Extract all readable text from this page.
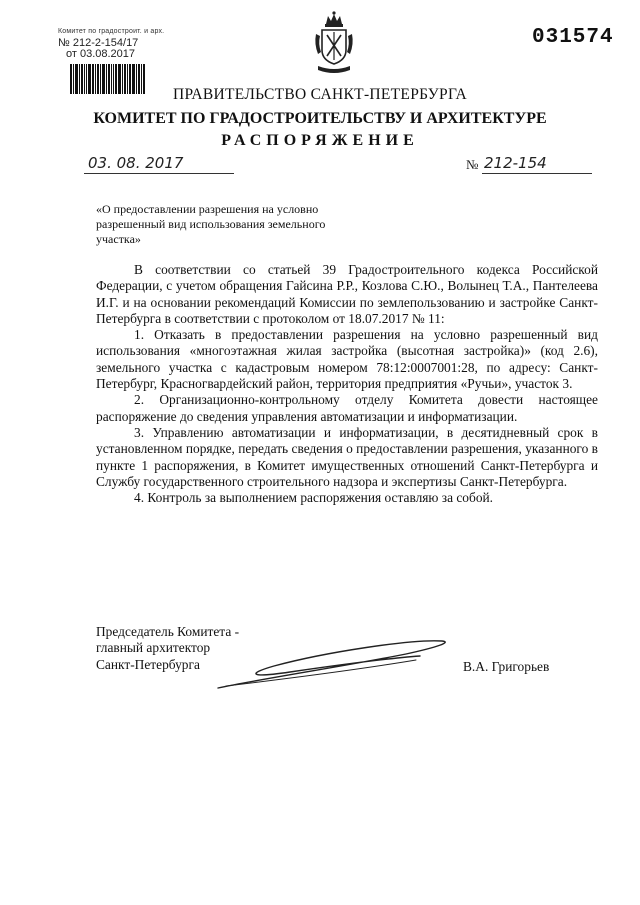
Комитет по градостроит. и арх.
№ 212-2-154/17
от 03.08.2017
031574
ПРАВИТЕЛЬСТВО САНКТ-ПЕТЕРБУРГА
КОМИТЕТ ПО ГРАДОСТРОИТЕЛЬСТВУ И АРХИТЕКТУРЕ
РАСПОРЯЖЕНИЕ
03. 08. 2017	№ 212-154
«О предоставлении разрешения на условно разрешенный вид использования земельного участка»

В соответствии со статьей 39 Градостроительного кодекса Российской Федерации, с учетом обращения Гайсина Р.Р., Козлова С.Ю., Волынец Т.А., Пантелеева И.Г. и на основании рекомендаций Комиссии по землепользованию и застройке Санкт-Петербурга в соответствии с протоколом от 18.07.2017 № 11:

1. Отказать в предоставлении разрешения на условно разрешенный вид использования «многоэтажная жилая застройка (высотная застройка)» (код 2.6), земельного участка с кадастровым номером 78:12:0007001:28, по адресу: Санкт-Петербург, Красногвардейский район, территория предприятия «Ручьи», участок 3.

2. Организационно-контрольному отделу Комитета довести настоящее распоряжение до сведения управления автоматизации и информатизации.

3. Управлению автоматизации и информатизации, в десятидневный срок в установленном порядке, передать сведения о предоставлении разрешения, указанного в пункте 1 распоряжения, в Комитет имущественных отношений Санкт-Петербурга и Службу государственного строительного надзора и экспертизы Санкт-Петербурга.

4. Контроль за выполнением распоряжения оставляю за собой.

Председатель Комитета -
главный архитектор
Санкт-Петербурга	В.А. Григорьев
